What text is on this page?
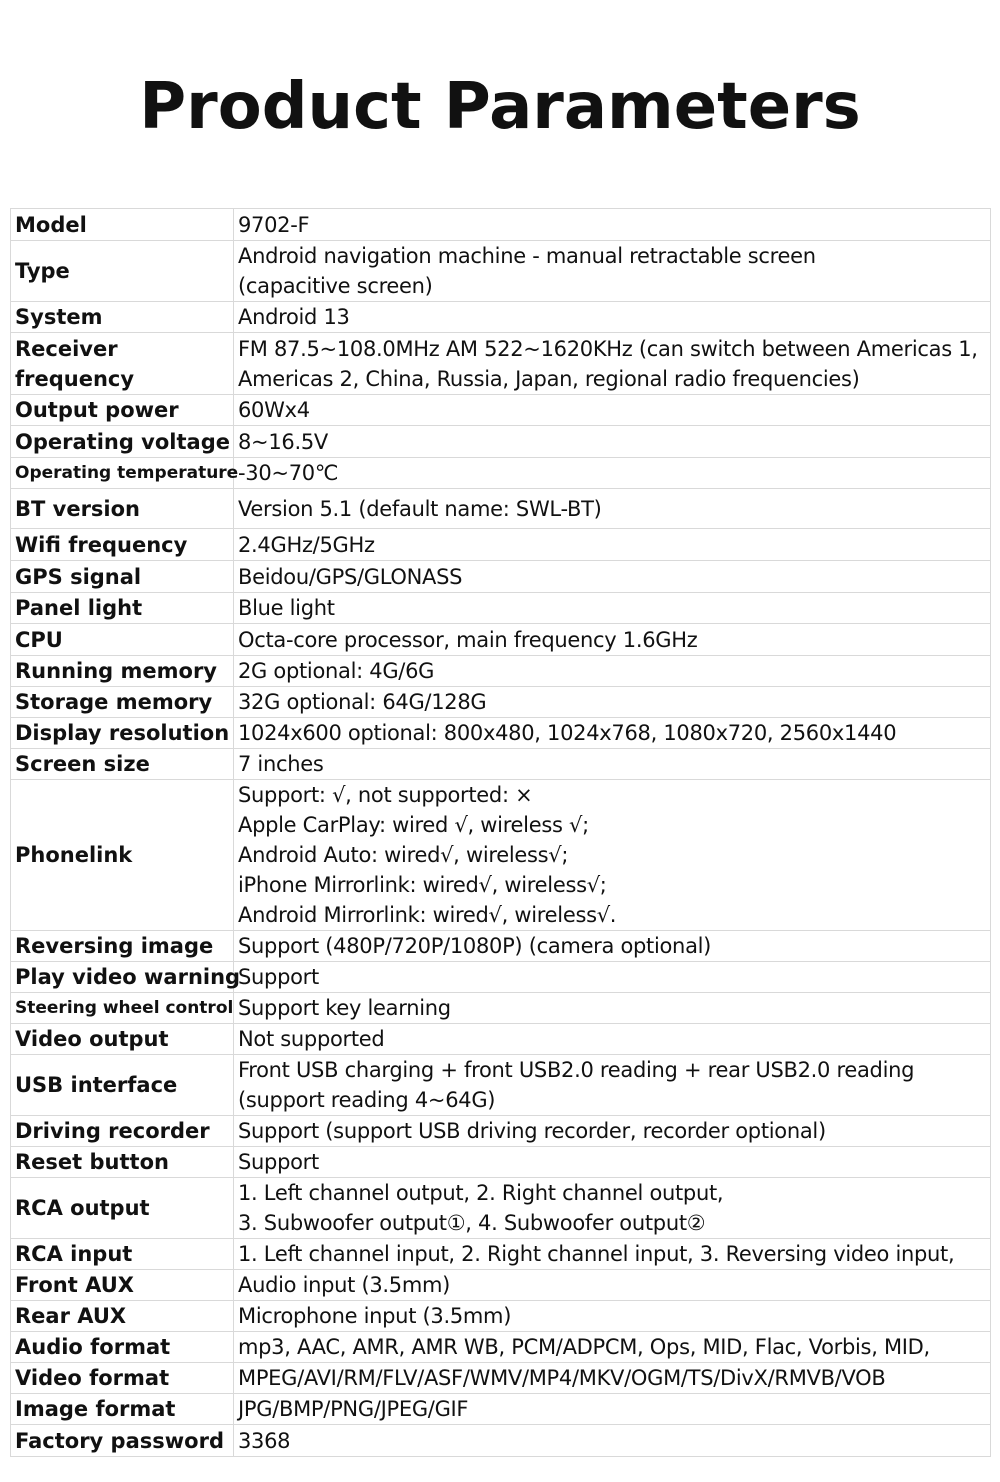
Product Parameters
Model	9702-F

Type	Android navigation machine - manual retractable screen
(capacitive screen)

System	Android 13

Receiver frequency	FM 87.5~108.0MHz AM 522~1620KHz (can switch between Americas 1,
Americas 2, China, Russia, Japan, regional radio frequencies)

Output power	60Wx4

Operating voltage	8~16.5V

Operating temperature	-30~70℃

BT version	Version 5.1 (default name: SWL-BT)

Wifi frequency	2.4GHz/5GHz

GPS signal	Beidou/GPS/GLONASS

Panel light	Blue light

CPU	Octa-core processor, main frequency 1.6GHz

Running memory	2G optional: 4G/6G

Storage memory	32G optional: 64G/128G

Display resolution	1024x600 optional: 800x480, 1024x768, 1080x720, 2560x1440

Screen size	7 inches

Phonelink	Support: √, not supported: ×
Apple CarPlay: wired √, wireless √;
Android Auto: wired√, wireless√;
iPhone Mirrorlink: wired√, wireless√;
Android Mirrorlink: wired√, wireless√.

Reversing image	Support (480P/720P/1080P) (camera optional)

Play video warning	Support

Steering wheel control	Support key learning

Video output	Not supported

USB interface	Front USB charging + front USB2.0 reading + rear USB2.0 reading
(support reading 4~64G)

Driving recorder	Support (support USB driving recorder, recorder optional)

Reset button	Support

RCA output	1. Left channel output, 2. Right channel output,
3. Subwoofer output①, 4. Subwoofer output②

RCA input	1. Left channel input, 2. Right channel input, 3. Reversing video input,

Front AUX	Audio input (3.5mm)

Rear AUX	Microphone input (3.5mm)

Audio format	mp3, AAC, AMR, AMR WB, PCM/ADPCM, Ops, MID, Flac, Vorbis, MID,

Video format	MPEG/AVI/RM/FLV/ASF/WMV/MP4/MKV/OGM/TS/DivX/RMVB/VOB

Image format	JPG/BMP/PNG/JPEG/GIF

Factory password	3368
